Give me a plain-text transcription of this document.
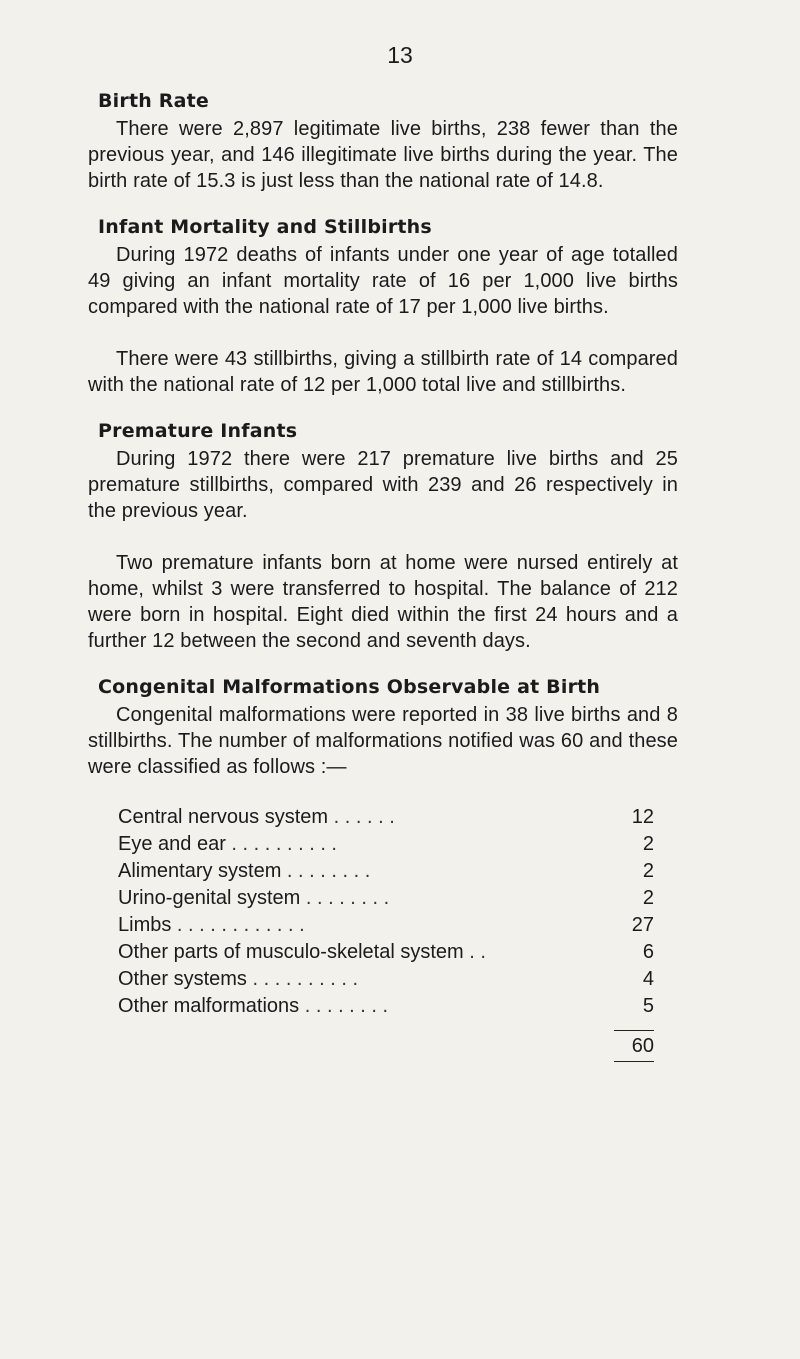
13
Birth Rate

There were 2,897 legitimate live births, 238 fewer than the previous year, and 146 illegitimate live births during the year. The birth rate of 15.3 is just less than the national rate of 14.8.

Infant Mortality and Stillbirths

During 1972 deaths of infants under one year of age totalled 49 giving an infant mortality rate of 16 per 1,000 live births compared with the national rate of 17 per 1,000 live births.

There were 43 stillbirths, giving a stillbirth rate of 14 compared with the national rate of 12 per 1,000 total live and stillbirths.

Premature Infants

During 1972 there were 217 premature live births and 25 premature stillbirths, compared with 239 and 26 respectively in the previous year.

Two premature infants born at home were nursed entirely at home, whilst 3 were transferred to hospital. The balance of 212 were born in hospital. Eight died within the first 24 hours and a further 12 between the second and seventh days.

Congenital Malformations Observable at Birth

Congenital malformations were reported in 38 live births and 8 stillbirths. The number of malformations notified was 60 and these were classified as follows :—

Central nervous system . . . . . .	12
Eye and ear . . . . . . . . . .	2
Alimentary system . . . . . . . .	2
Urino-genital system . . . . . . . .	2
Limbs . . . . . . . . . . . .	27
Other parts of musculo-skeletal system . .	6
Other systems . . . . . . . . . .	4
Other malformations . . . . . . . .	5
60
